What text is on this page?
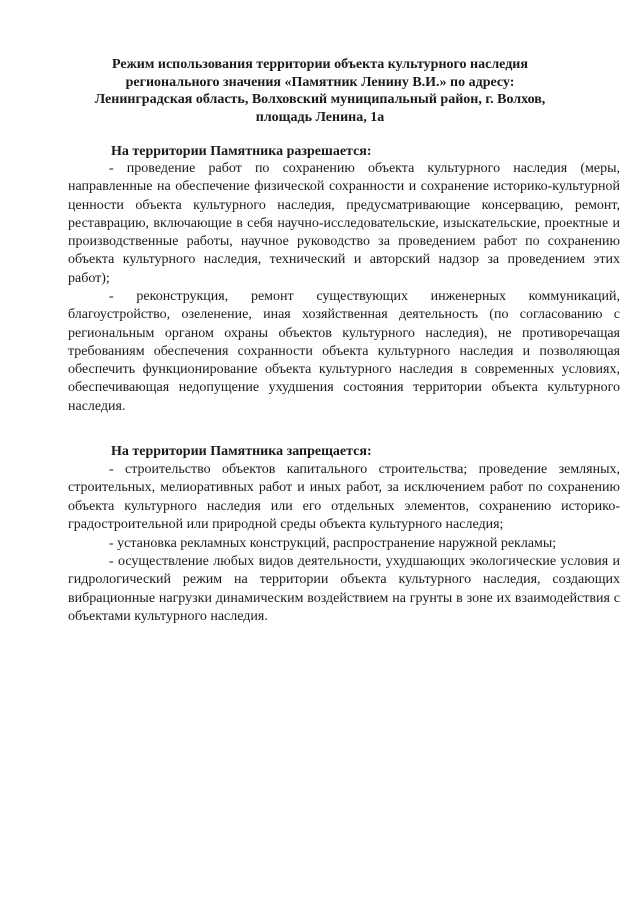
Режим использования территории объекта культурного наследия
регионального значения «Памятник Ленину В.И.» по адресу:
Ленинградская область, Волховский муниципальный район, г. Волхов,
площадь Ленина, 1а
На территории Памятника разрешается:

- проведение работ по сохранению объекта культурного наследия (меры, направленные на обеспечение физической сохранности и сохранение историко-культурной ценности объекта культурного наследия, предусматривающие консервацию, ремонт, реставрацию, включающие в себя научно-исследовательские, изыскательские, проектные и производственные работы, научное руководство за проведением работ по сохранению объекта культурного наследия, технический и авторский надзор за проведением этих работ);

- реконструкция, ремонт существующих инженерных коммуникаций, благоустройство, озеленение, иная хозяйственная деятельность (по согласованию с региональным органом охраны объектов культурного наследия), не противоречащая требованиям обеспечения сохранности объекта культурного наследия и позволяющая обеспечить функционирование объекта культурного наследия в современных условиях, обеспечивающая недопущение ухудшения состояния территории объекта культурного наследия.

На территории Памятника запрещается:

- строительство объектов капитального строительства; проведение земляных, строительных, мелиоративных работ и иных работ, за исключением работ по сохранению объекта культурного наследия или его отдельных элементов, сохранению историко-градостроительной или природной среды объекта культурного наследия;

- установка рекламных конструкций, распространение наружной рекламы;

- осуществление любых видов деятельности, ухудшающих экологические условия и гидрологический режим на территории объекта культурного наследия, создающих вибрационные нагрузки динамическим воздействием на грунты в зоне их взаимодействия с объектами культурного наследия.
